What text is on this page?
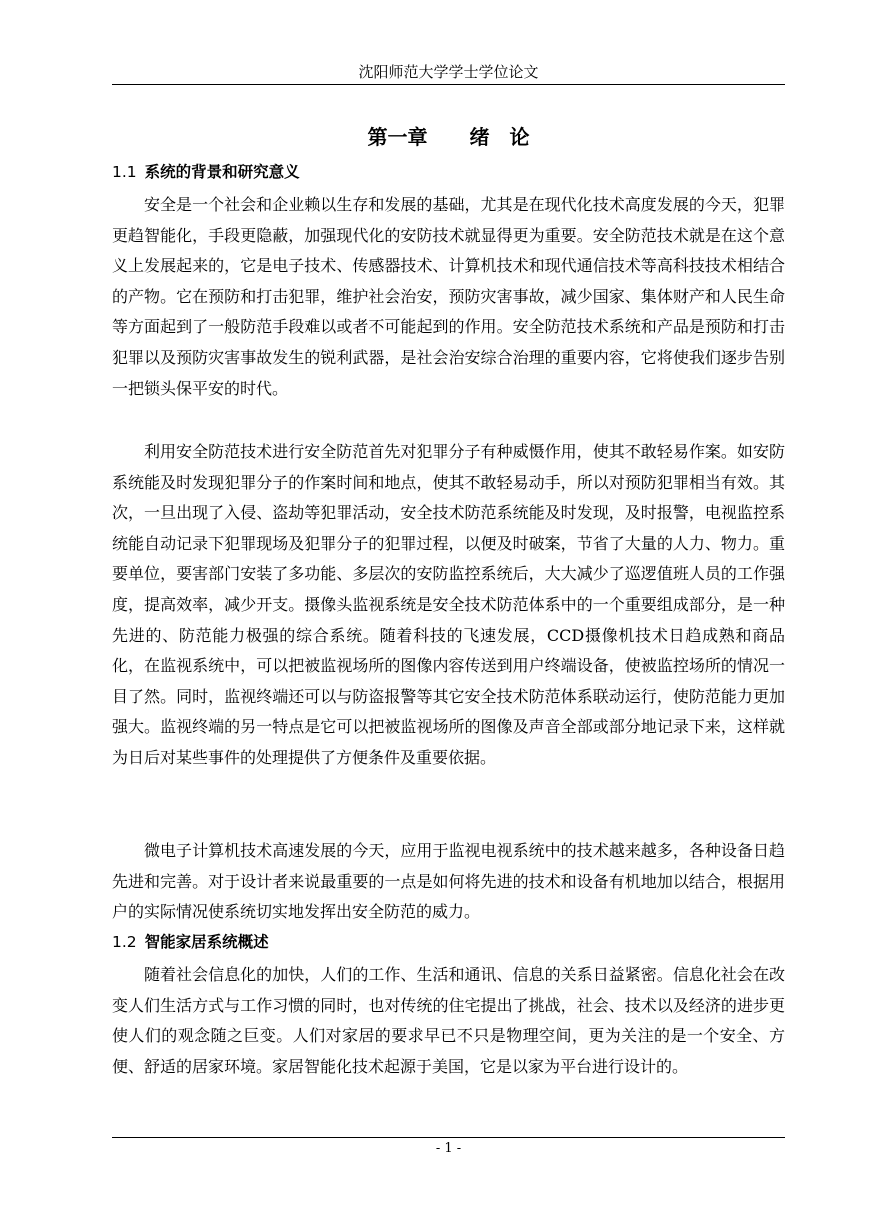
沈阳师范大学学士学位论文
第一章 绪 论
1.1 系统的背景和研究意义

安全是一个社会和企业赖以生存和发展的基础，尤其是在现代化技术高度发展的今天，犯罪更趋智能化，手段更隐蔽，加强现代化的安防技术就显得更为重要。安全防范技术就是在这个意义上发展起来的，它是电子技术、传感器技术、计算机技术和现代通信技术等高科技技术相结合的产物。它在预防和打击犯罪，维护社会治安，预防灾害事故，减少国家、集体财产和人民生命等方面起到了一般防范手段难以或者不可能起到的作用。安全防范技术系统和产品是预防和打击犯罪以及预防灾害事故发生的锐利武器，是社会治安综合治理的重要内容，它将使我们逐步告别一把锁头保平安的时代。

利用安全防范技术进行安全防范首先对犯罪分子有种威慑作用，使其不敢轻易作案。如安防系统能及时发现犯罪分子的作案时间和地点，使其不敢轻易动手，所以对预防犯罪相当有效。其次，一旦出现了入侵、盗劫等犯罪活动，安全技术防范系统能及时发现，及时报警，电视监控系统能自动记录下犯罪现场及犯罪分子的犯罪过程，以便及时破案，节省了大量的人力、物力。重要单位，要害部门安装了多功能、多层次的安防监控系统后，大大减少了巡逻值班人员的工作强度，提高效率，减少开支。摄像头监视系统是安全技术防范体系中的一个重要组成部分，是一种先进的、防范能力极强的综合系统。随着科技的飞速发展，CCD摄像机技术日趋成熟和商品化，在监视系统中，可以把被监视场所的图像内容传送到用户终端设备，使被监控场所的情况一目了然。同时，监视终端还可以与防盗报警等其它安全技术防范体系联动运行，使防范能力更加强大。监视终端的另一特点是它可以把被监视场所的图像及声音全部或部分地记录下来，这样就为日后对某些事件的处理提供了方便条件及重要依据。

微电子计算机技术高速发展的今天，应用于监视电视系统中的技术越来越多，各种设备日趋先进和完善。对于设计者来说最重要的一点是如何将先进的技术和设备有机地加以结合，根据用户的实际情况使系统切实地发挥出安全防范的威力。

1.2 智能家居系统概述

随着社会信息化的加快，人们的工作、生活和通讯、信息的关系日益紧密。信息化社会在改变人们生活方式与工作习惯的同时，也对传统的住宅提出了挑战，社会、技术以及经济的进步更使人们的观念随之巨变。人们对家居的要求早已不只是物理空间，更为关注的是一个安全、方便、舒适的居家环境。家居智能化技术起源于美国，它是以家为平台进行设计的。

- 1 -
